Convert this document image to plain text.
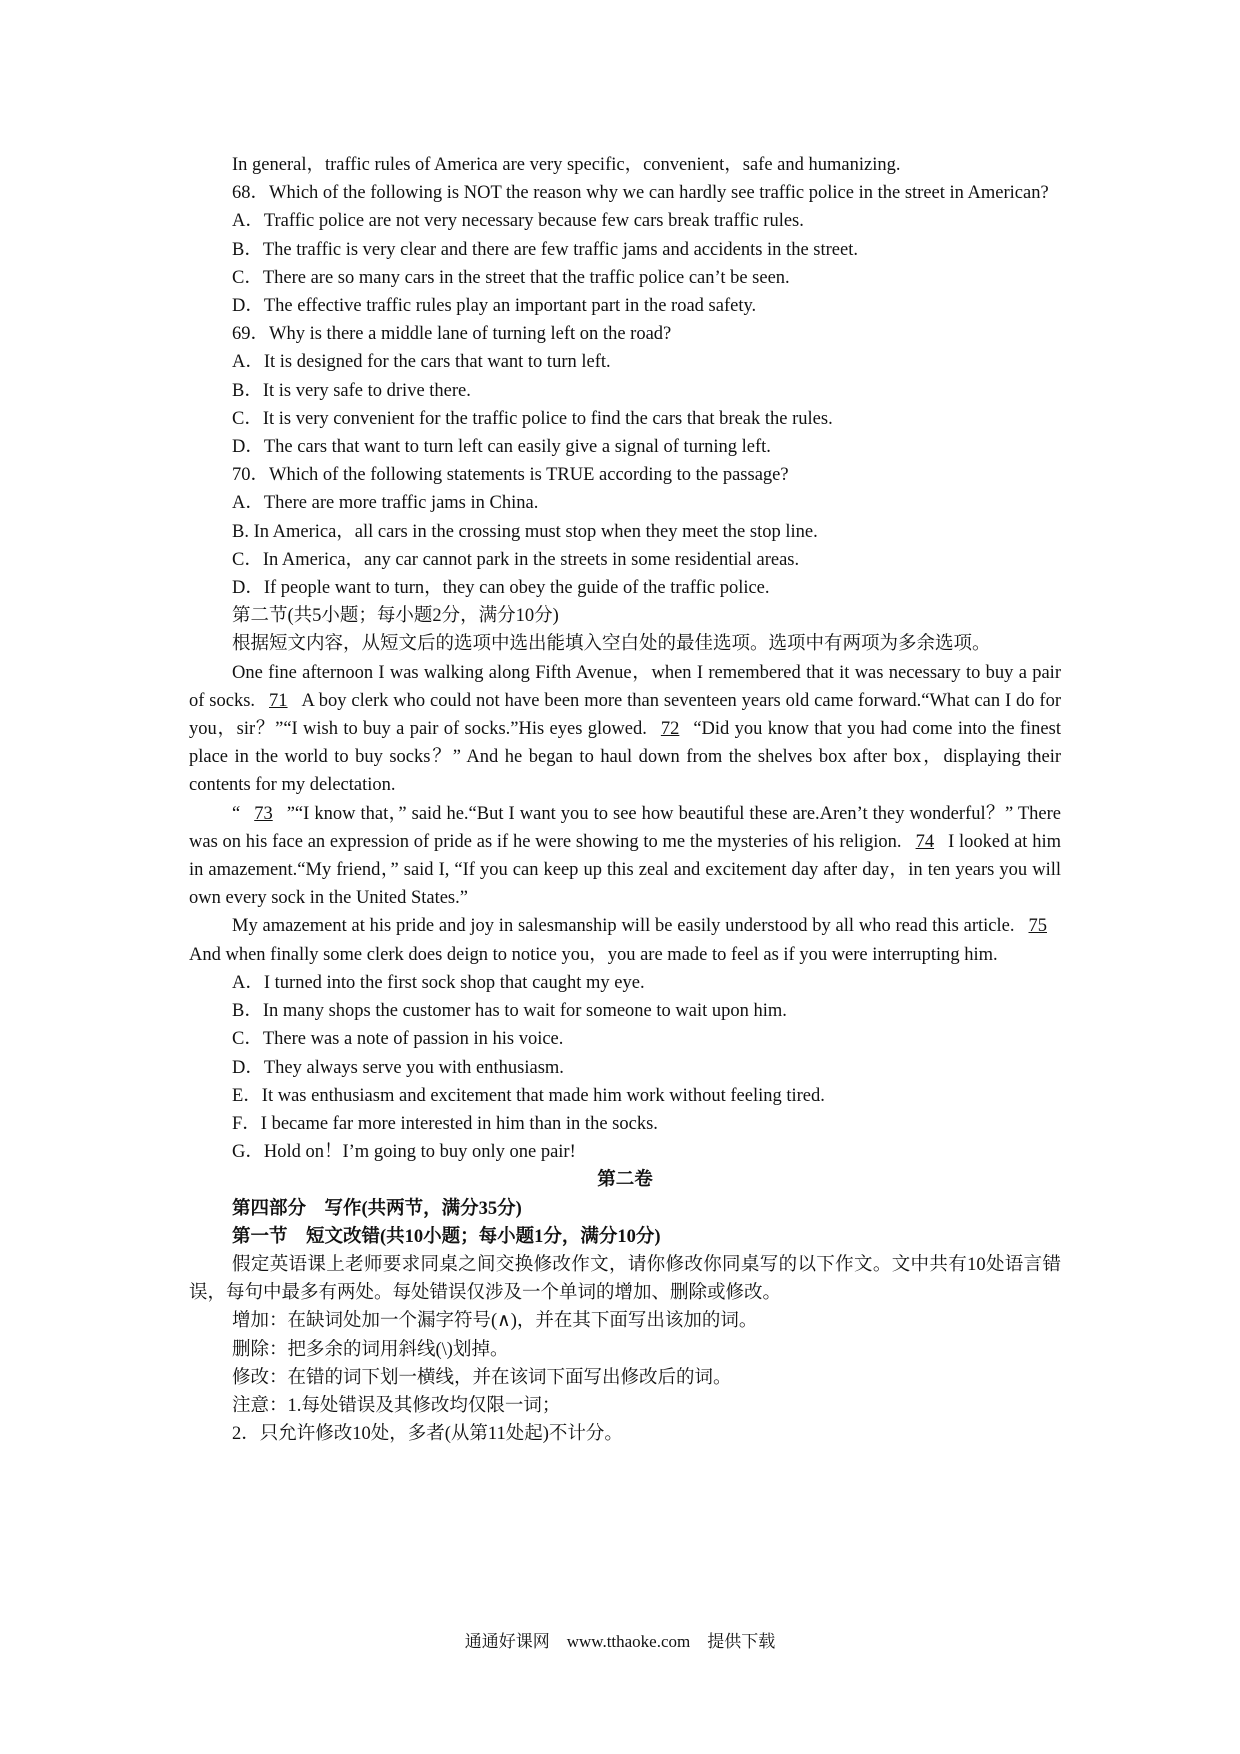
In general，traffic rules of America are very specific，convenient，safe and humanizing.

68．Which of the following is NOT the reason why we can hardly see traffic police in the street in American?

A．Traffic police are not very necessary because few cars break traffic rules.

B．The traffic is very clear and there are few traffic jams and accidents in the street.

C．There are so many cars in the street that the traffic police can’t be seen.

D．The effective traffic rules play an important part in the road safety.

69．Why is there a middle lane of turning left on the road?

A．It is designed for the cars that want to turn left.

B．It is very safe to drive there.

C．It is very convenient for the traffic police to find the cars that break the rules.

D．The cars that want to turn left can easily give a signal of turning left.

70．Which of the following statements is TRUE according to the passage?

A．There are more traffic jams in China.

B. In America，all cars in the crossing must stop when they meet the stop line.

C．In America，any car cannot park in the streets in some residential areas.

D．If people want to turn，they can obey the guide of the traffic police.

第二节(共5小题；每小题2分，满分10分)

根据短文内容，从短文后的选项中选出能填入空白处的最佳选项。选项中有两项为多余选项。

One fine afternoon I was walking along Fifth Avenue，when I remembered that it was necessary to buy a pair of socks. 71 A boy clerk who could not have been more than seventeen years old came forward.“What can I do for you，sir？”“I wish to buy a pair of socks.”His eyes glowed. 72 “Did you know that you had come into the finest place in the world to buy socks？” And he began to haul down from the shelves box after box，displaying their contents for my delectation.

“ 73 ”“I know that，” said he.“But I want you to see how beautiful these are.Aren’t they wonderful？” There was on his face an expression of pride as if he were showing to me the mysteries of his religion. 74 I looked at him in amazement.“My friend，” said I, “If you can keep up this zeal and excitement day after day，in ten years you will own every sock in the United States.”

My amazement at his pride and joy in salesmanship will be easily understood by all who read this article. 75And when finally some clerk does deign to notice you，you are made to feel as if you were interrupting him.

A．I turned into the first sock shop that caught my eye.

B．In many shops the customer has to wait for someone to wait upon him.

C．There was a note of passion in his voice.

D．They always serve you with enthusiasm.

E．It was enthusiasm and excitement that made him work without feeling tired.

F．I became far more interested in him than in the socks.

G．Hold on！I’m going to buy only one pair!

第二卷

第四部分　写作(共两节，满分35分)

第一节　短文改错(共10小题；每小题1分，满分10分)

假定英语课上老师要求同桌之间交换修改作文，请你修改你同桌写的以下作文。文中共有10处语言错误，每句中最多有两处。每处错误仅涉及一个单词的增加、删除或修改。

增加：在缺词处加一个漏字符号(∧)，并在其下面写出该加的词。

删除：把多余的词用斜线(\)划掉。

修改：在错的词下划一横线，并在该词下面写出修改后的词。

注意：1.每处错误及其修改均仅限一词；

2．只允许修改10处，多者(从第11处起)不计分。

通通好课网　www.tthaoke.com　提供下载
